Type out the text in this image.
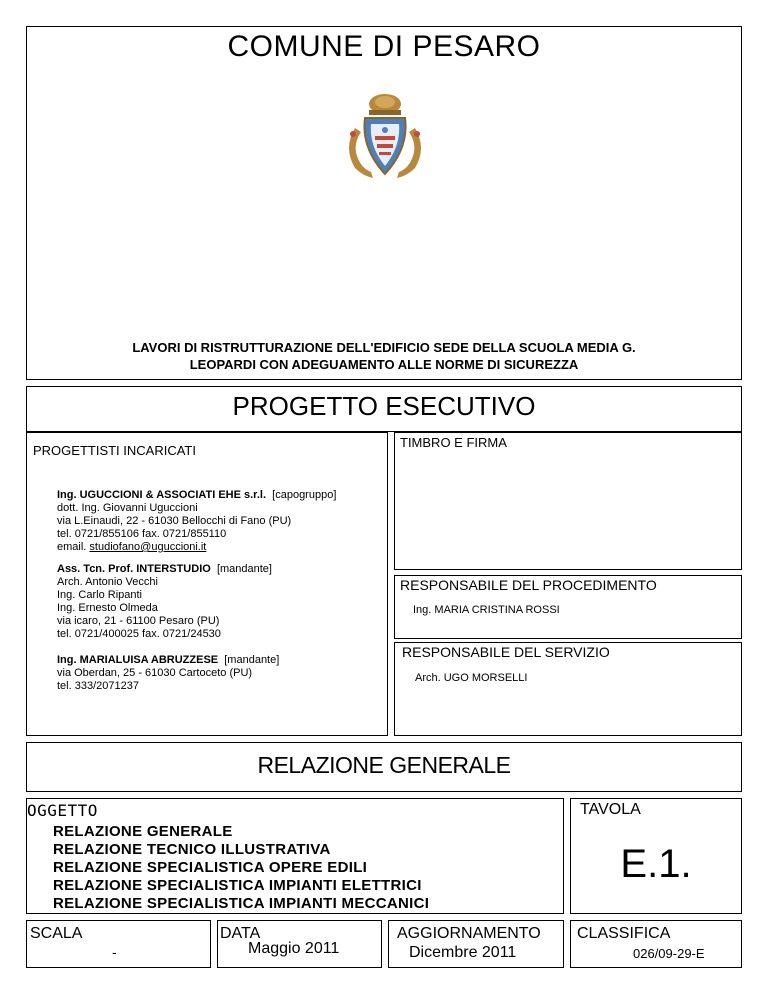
COMUNE DI PESARO
LAVORI DI RISTRUTTURAZIONE DELL'EDIFICIO SEDE DELLA SCUOLA MEDIA G.
LEOPARDI CON ADEGUAMENTO ALLE NORME DI SICUREZZA
PROGETTO ESECUTIVO
PROGETTISTI INCARICATI
Ing. UGUCCIONI & ASSOCIATI EHE s.r.l. [capogruppo]
dott. Ing. Giovanni Uguccioni
via L.Einaudi, 22 - 61030 Bellocchi di Fano (PU)
tel. 0721/855106 fax. 0721/855110
email. studiofano@uguccioni.it
Ass. Tcn. Prof. INTERSTUDIO [mandante]
Arch. Antonio Vecchi
Ing. Carlo Ripanti
Ing. Ernesto Olmeda
via icaro, 21 - 61100 Pesaro (PU)
tel. 0721/400025 fax. 0721/24530
Ing. MARIALUISA ABRUZZESE [mandante]
via Oberdan, 25 - 61030 Cartoceto (PU)
tel. 333/2071237
TIMBRO E FIRMA
RESPONSABILE DEL PROCEDIMENTO
Ing. MARIA CRISTINA ROSSI
RESPONSABILE DEL SERVIZIO
Arch. UGO MORSELLI
RELAZIONE GENERALE
OGGETTO
RELAZIONE GENERALE
RELAZIONE TECNICO ILLUSTRATIVA
RELAZIONE SPECIALISTICA OPERE EDILI
RELAZIONE SPECIALISTICA IMPIANTI ELETTRICI
RELAZIONE SPECIALISTICA IMPIANTI MECCANICI
TAVOLA
E.1.
SCALA
-
DATA
Maggio 2011
AGGIORNAMENTO
Dicembre 2011
CLASSIFICA
026/09-29-E
